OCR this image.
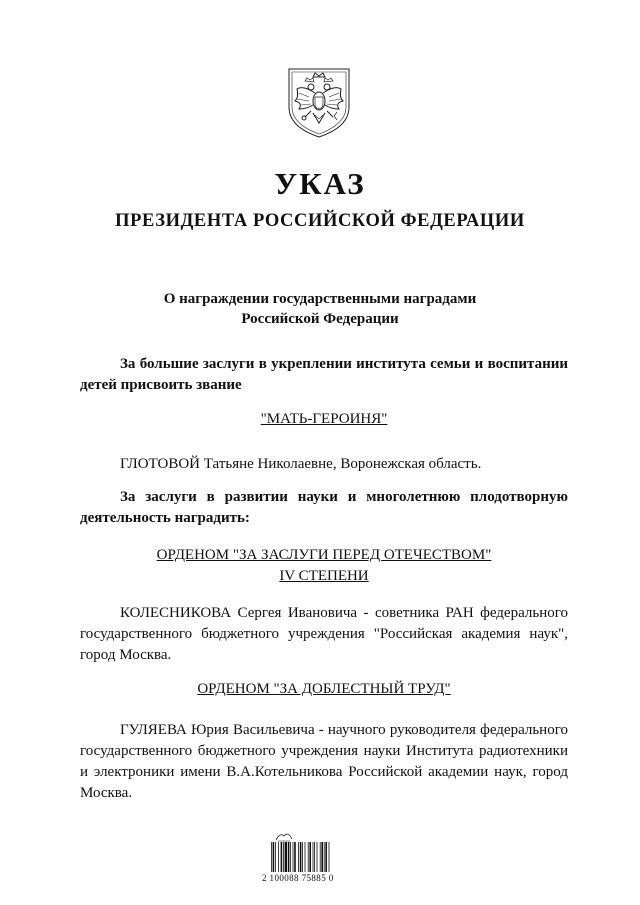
УКАЗ
ПРЕЗИДЕНТА РОССИЙСКОЙ ФЕДЕРАЦИИ
О награждении государственными наградами
Российской Федерации
За большие заслуги в укреплении института семьи и воспитании детей присвоить звание
"МАТЬ-ГЕРОИНЯ"
ГЛОТОВОЙ Татьяне Николаевне, Воронежская область.
За заслуги в развитии науки и многолетнюю плодотворную деятельность наградить:
ОРДЕНОМ "ЗА ЗАСЛУГИ ПЕРЕД ОТЕЧЕСТВОМ"
IV СТЕПЕНИ
КОЛЕСНИКОВА Сергея Ивановича - советника РАН федерального государственного бюджетного учреждения "Российская академия наук", город Москва.
ОРДЕНОМ "ЗА ДОБЛЕСТНЫЙ ТРУД"
ГУЛЯЕВА Юрия Васильевича - научного руководителя федерального государственного бюджетного учреждения науки Института радиотехники и электроники имени В.А.Котельникова Российской академии наук, город Москва.
2 100088 75885 0
